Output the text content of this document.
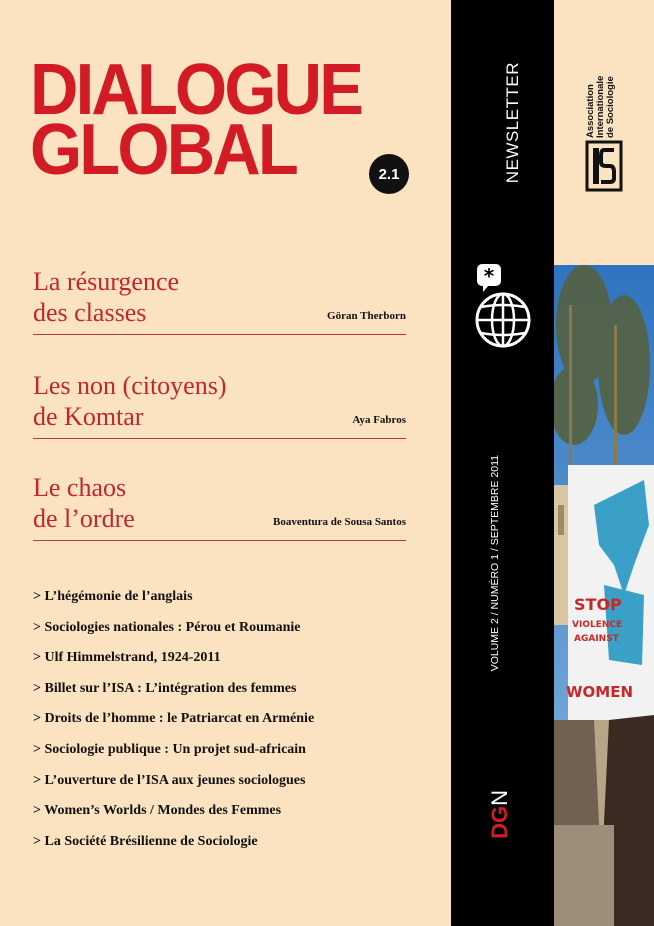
DIALOGUE
GLOBAL	2.1
La résurgence
des classes	Göran Therborn
Les non (citoyens)
de Komtar	Aya Fabros
Le chaos
de l’ordre	Boaventura de Sousa Santos
> L’hégémonie de l’anglais
> Sociologies nationales : Pérou et Roumanie
> Ulf Himmelstrand, 1924-2011
> Billet sur l’ISA : L’intégration des femmes
> Droits de l’homme : le Patriarcat en Arménie
> Sociologie publique : Un projet sud-africain
> L’ouverture de l’ISA aux jeunes sociologues
> Women’s Worlds / Mondes des Femmes
> La Société Brésilienne de Sociologie
NEWSLETTER
*
VOLUME 2 / NUMÉRO 1 / SEPTEMBRE 2011
DGN
Association Internationale de Sociologie
STOP
VIOLENCE
AGAINST
WOMEN
